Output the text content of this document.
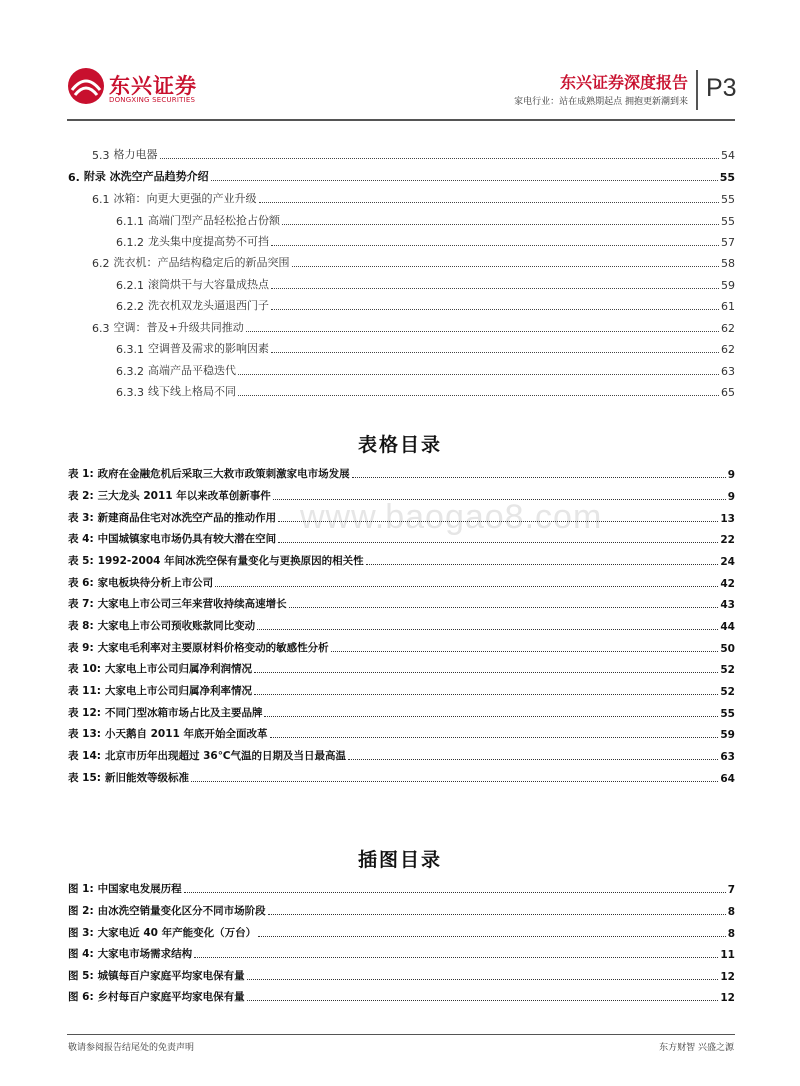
东兴证券
DONGXING SECURITIES
东兴证券深度报告
家电行业：站在成熟期起点 拥抱更新潮到来 P3
5.3 格力电器	54
6. 附录 冰洗空产品趋势介绍	55
6.1 冰箱：向更大更强的产业升级	55
6.1.1 高端门型产品轻松抢占份额	55
6.1.2 龙头集中度提高势不可挡	57
6.2 洗衣机：产品结构稳定后的新品突围	58
6.2.1 滚筒烘干与大容量成热点	59
6.2.2 洗衣机双龙头逼退西门子	61
6.3 空调：普及+升级共同推动	62
6.3.1 空调普及需求的影响因素	62
6.3.2 高端产品平稳迭代	63
6.3.3 线下线上格局不同	65
表格目录
www.baogao8.com
表 1: 政府在金融危机后采取三大救市政策刺激家电市场发展	9
表 2: 三大龙头 2011 年以来改革创新事件	9
表 3: 新建商品住宅对冰洗空产品的推动作用	13
表 4: 中国城镇家电市场仍具有较大潜在空间	22
表 5: 1992-2004 年间冰洗空保有量变化与更换原因的相关性	24
表 6: 家电板块待分析上市公司	42
表 7: 大家电上市公司三年来营收持续高速增长	43
表 8: 大家电上市公司预收账款同比变动	44
表 9: 大家电毛利率对主要原材料价格变动的敏感性分析	50
表 10: 大家电上市公司归属净利润情况	52
表 11: 大家电上市公司归属净利率情况	52
表 12: 不同门型冰箱市场占比及主要品牌	55
表 13: 小天鹅自 2011 年底开始全面改革	59
表 14: 北京市历年出现超过 36℃气温的日期及当日最高温	63
表 15: 新旧能效等级标准	64
插图目录
图 1: 中国家电发展历程	7
图 2: 由冰洗空销量变化区分不同市场阶段	8
图 3: 大家电近 40 年产能变化（万台）	8
图 4: 大家电市场需求结构	11
图 5: 城镇每百户家庭平均家电保有量	12
图 6: 乡村每百户家庭平均家电保有量	12
敬请参阅报告结尾处的免责声明	东方财智 兴盛之源
